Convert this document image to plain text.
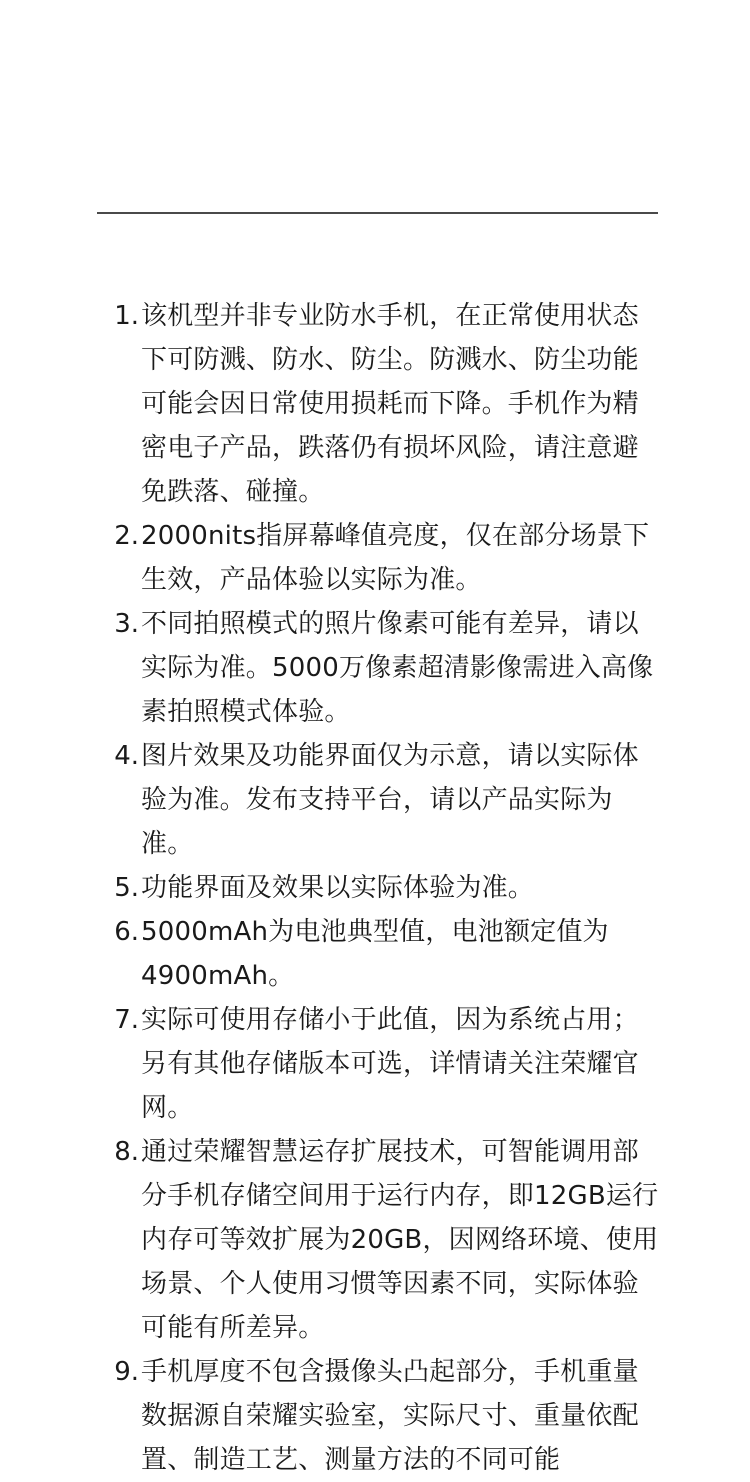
1. 该机型并非专业防水手机，在正常使用状态下可防溅、防水、防尘。防溅水、防尘功能可能会因日常使用损耗而下降。手机作为精密电子产品，跌落仍有损坏风险，请注意避免跌落、碰撞。
2. 2000nits指屏幕峰值亮度，仅在部分场景下生效，产品体验以实际为准。
3. 不同拍照模式的照片像素可能有差异，请以实际为准。5000万像素超清影像需进入高像素拍照模式体验。
4. 图片效果及功能界面仅为示意，请以实际体验为准。发布支持平台，请以产品实际为准。
5. 功能界面及效果以实际体验为准。
6. 5000mAh为电池典型值，电池额定值为4900mAh。
7. 实际可使用存储小于此值，因为系统占用；另有其他存储版本可选，详情请关注荣耀官网。
8. 通过荣耀智慧运存扩展技术，可智能调用部分手机存储空间用于运行内存，即12GB运行内存可等效扩展为20GB，因网络环境、使用场景、个人使用习惯等因素不同，实际体验可能有所差异。
9. 手机厚度不包含摄像头凸起部分，手机重量数据源自荣耀实验室，实际尺寸、重量依配置、制造工艺、测量方法的不同可能
